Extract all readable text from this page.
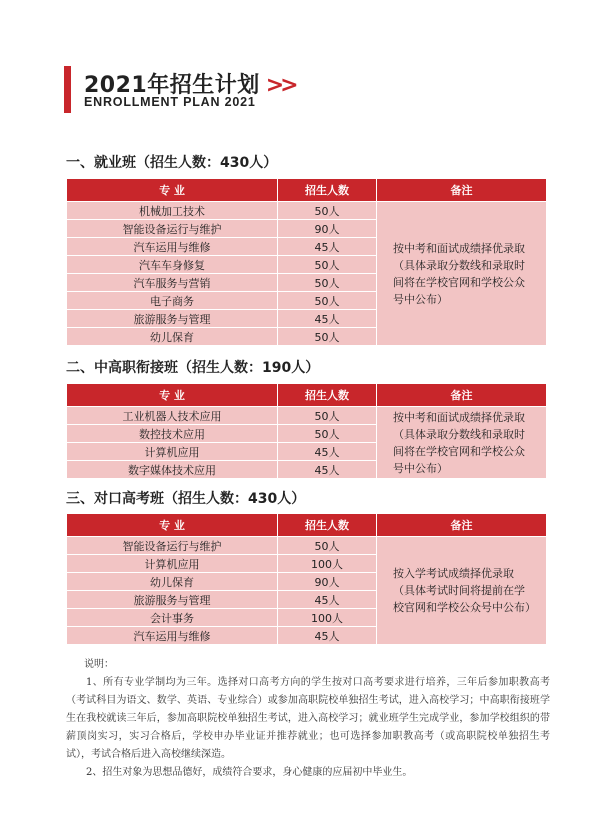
2021年招生计划 >>
ENROLLMENT PLAN 2021
一、就业班（招生人数：430人）
专 业	招生人数	备注
机械加工技术	50人	按中考和面试成绩择优录取（具体录取分数线和录取时间将在学校官网和学校公众号中公布）
智能设备运行与维护	90人	
汽车运用与维修	45人	
汽车车身修复	50人	
汽车服务与营销	50人	
电子商务	50人	
旅游服务与管理	45人	
幼儿保育	50人	
二、中高职衔接班（招生人数：190人）
专 业	招生人数	备注
工业机器人技术应用	50人	按中考和面试成绩择优录取（具体录取分数线和录取时间将在学校官网和学校公众号中公布）
数控技术应用	50人	
计算机应用	45人	
数字媒体技术应用	45人	
三、对口高考班（招生人数：430人）
专 业	招生人数	备注
智能设备运行与维护	50人	按入学考试成绩择优录取（具体考试时间将提前在学校官网和学校公众号中公布）
计算机应用	100人	
幼儿保育	90人	
旅游服务与管理	45人	
会计事务	100人	
汽车运用与维修	45人	
说明：

1、所有专业学制均为三年。选择对口高考方向的学生按对口高考要求进行培养，三年后参加职教高考（考试科目为语文、数学、英语、专业综合）或参加高职院校单独招生考试，进入高校学习；中高职衔接班学生在我校就读三年后，参加高职院校单独招生考试，进入高校学习；就业班学生完成学业，参加学校组织的带薪顶岗实习，实习合格后，学校申办毕业证并推荐就业；也可选择参加职教高考（或高职院校单独招生考试），考试合格后进入高校继续深造。

2、招生对象为思想品德好，成绩符合要求，身心健康的应届初中毕业生。
